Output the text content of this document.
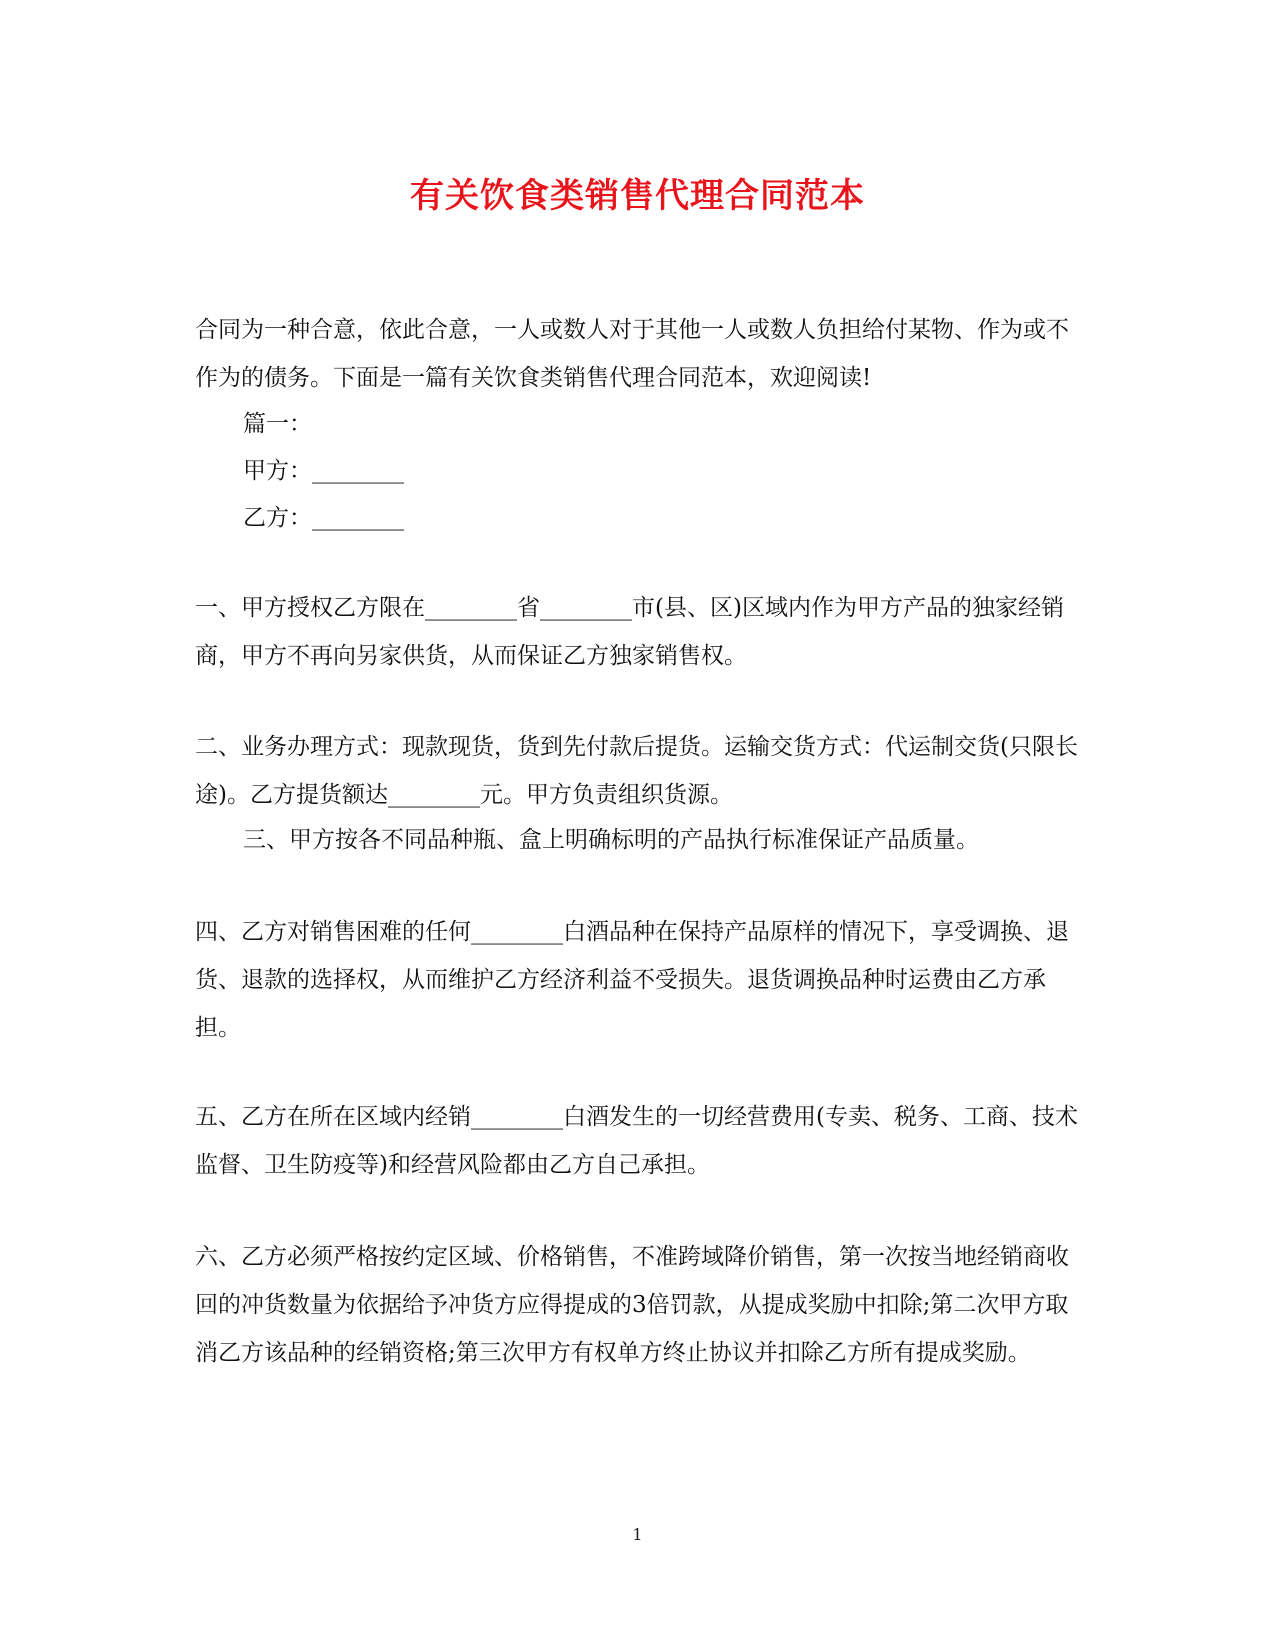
有关饮食类销售代理合同范本
合同为一种合意，依此合意，一人或数人对于其他一人或数人负担给付某物、作为或不作为的债务。下面是一篇有关饮食类销售代理合同范本，欢迎阅读!
篇一：
甲方：________
乙方：________
一、甲方授权乙方限在________省________市(县、区)区域内作为甲方产品的独家经销商，甲方不再向另家供货，从而保证乙方独家销售权。
二、业务办理方式：现款现货，货到先付款后提货。运输交货方式：代运制交货(只限长途)。乙方提货额达________元。甲方负责组织货源。
三、甲方按各不同品种瓶、盒上明确标明的产品执行标准保证产品质量。
四、乙方对销售困难的任何________白酒品种在保持产品原样的情况下，享受调换、退货、退款的选择权，从而维护乙方经济利益不受损失。退货调换品种时运费由乙方承担。
五、乙方在所在区域内经销________白酒发生的一切经营费用(专卖、税务、工商、技术监督、卫生防疫等)和经营风险都由乙方自己承担。
六、乙方必须严格按约定区域、价格销售，不准跨域降价销售，第一次按当地经销商收回的冲货数量为依据给予冲货方应得提成的3倍罚款，从提成奖励中扣除;第二次甲方取消乙方该品种的经销资格;第三次甲方有权单方终止协议并扣除乙方所有提成奖励。
1
